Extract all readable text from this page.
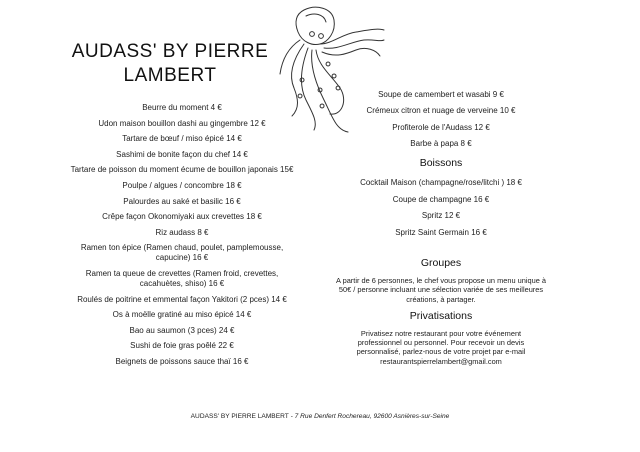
AUDASS' BY PIERRE LAMBERT

Beurre du moment 4 €

Udon maison bouillon dashi au gingembre 12 €

Tartare de bœuf / miso épicé 14 €

Sashimi de bonite façon du chef 14 €

Tartare de poisson du moment écume de bouillon japonais 15€

Poulpe / algues / concombre 18 €

Palourdes au saké et basilic 16 €

Crêpe façon Okonomiyaki aux crevettes 18 €

Riz audass 8 €

Ramen ton épice (Ramen chaud, poulet, pamplemousse, capucine) 16 €

Ramen ta queue de crevettes (Ramen froid, crevettes, cacahuètes, shiso) 16 €

Roulés de poitrine et emmental façon Yakitori (2 pces) 14 €

Os à moëlle gratiné au miso épicé 14 €

Bao au saumon (3 pces) 24 €

Sushi de foie gras poêlé 22 €

Beignets de poissons sauce thaï 16 €

Soupe de camembert et wasabi 9 €

Crémeux citron et nuage de verveine 10 €

Profiterole de l'Audass 12 €

Barbe à papa 8 €

Boissons

Cocktail Maison (champagne/rose/litchi ) 18 €

Coupe de champagne 16 €

Spritz 12 €

Spritz Saint Germain 16 €

Groupes

A partir de 6 personnes, le chef vous propose un menu unique à 50€ / personne incluant une sélection variée de ses meilleures créations, à partager.

Privatisations

Privatisez notre restaurant pour votre événement professionnel ou personnel. Pour recevoir un devis personnalisé, parlez-nous de votre projet par e-mail restaurantspierrelambert@gmail.com

AUDASS' BY PIERRE LAMBERT - 7 Rue Denfert Rochereau, 92600 Asnières-sur-Seine
